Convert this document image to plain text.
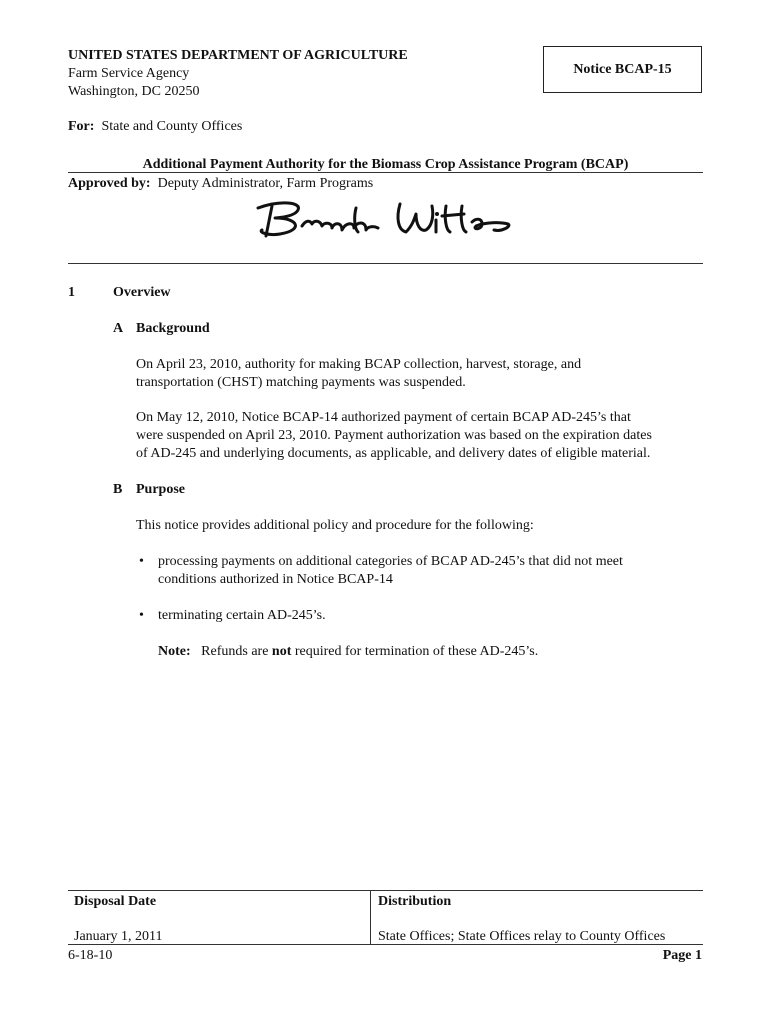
UNITED STATES DEPARTMENT OF AGRICULTURE
Farm Service Agency
Washington, DC 20250
Notice BCAP-15
For: State and County Offices
Additional Payment Authority for the Biomass Crop Assistance Program (BCAP)
Approved by: Deputy Administrator, Farm Programs
1	Overview
A Background
On April 23, 2010, authority for making BCAP collection, harvest, storage, and
transportation (CHST) matching payments was suspended.
On May 12, 2010, Notice BCAP-14 authorized payment of certain BCAP AD-245’s that
were suspended on April 23, 2010. Payment authorization was based on the expiration dates
of AD-245 and underlying documents, as applicable, and delivery dates of eligible material.
B Purpose
This notice provides additional policy and procedure for the following:
• processing payments on additional categories of BCAP AD-245’s that did not meet
conditions authorized in Notice BCAP-14
• terminating certain AD-245’s.
Note: Refunds are not required for termination of these AD-245’s.
Disposal Date	Distribution
January 1, 2011	State Offices; State Offices relay to County Offices
6-18-10	Page 1
